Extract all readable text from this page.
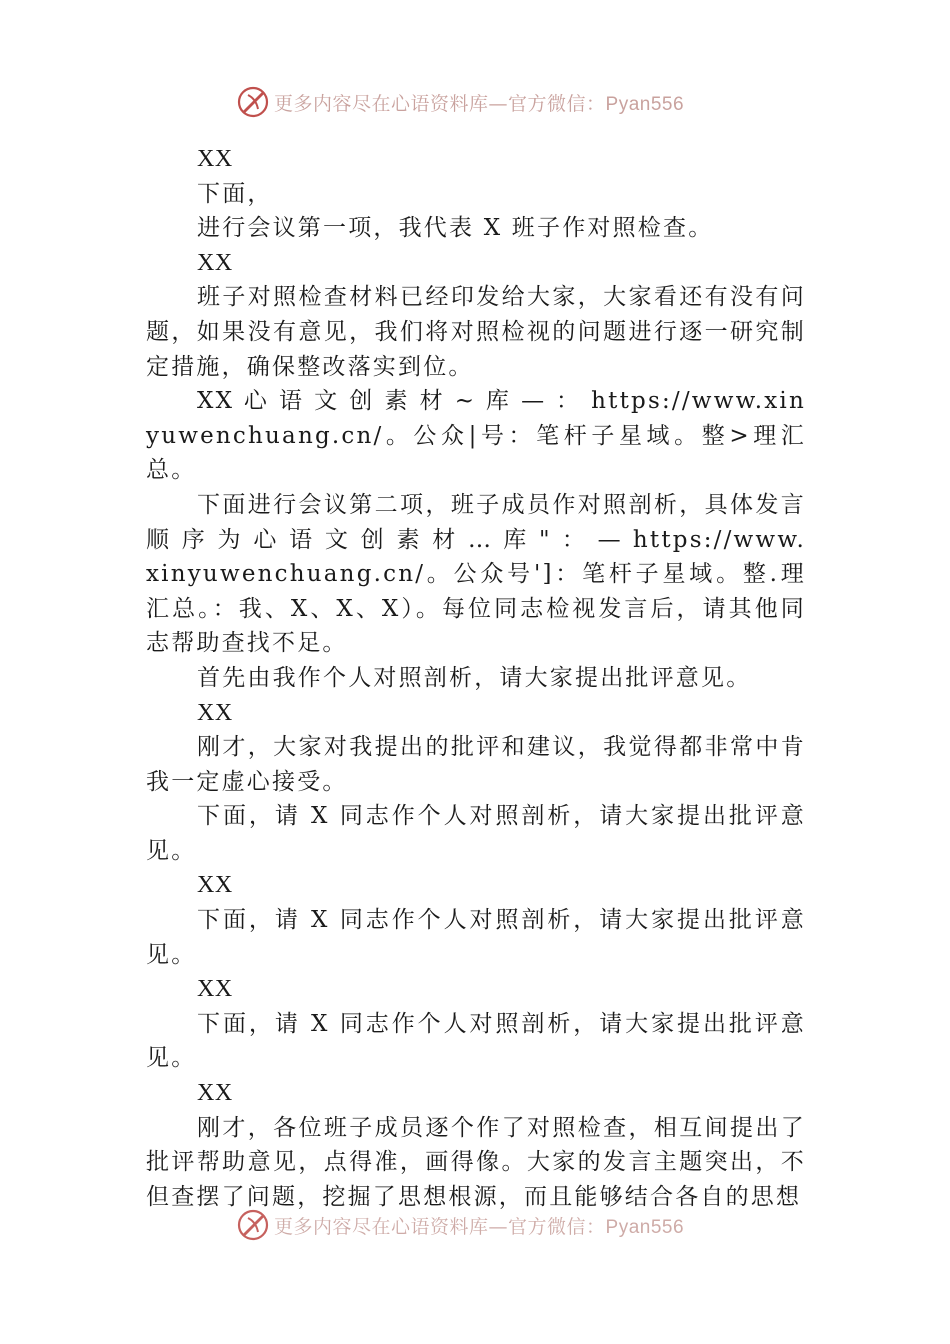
更多内容尽在心语资料库—官方微信：Pyan556

XX

下面，

进行会议第一项，我代表 X 班子作对照检查。

XX

班子对照检查材料已经印发给大家，大家看还有没有问题，如果没有意见，我们将对照检视的问题进行逐一研究制定措施，确保整改落实到位。

XX 心 语 文 创 素 材 ~ 库 — ： https://www.xinyuwenchuang.cn/。公众|号：笔杆子星域。整>理汇总。

下面进行会议第二项，班子成员作对照剖析，具体发言顺 序 为 心 语 文 创 素 材 … 库 " ： — https://www.xinyuwenchuang.cn/。公众号']：笔杆子星域。整.理汇总。：我、X、X、X）。每位同志检视发言后，请其他同志帮助查找不足。

首先由我作个人对照剖析，请大家提出批评意见。

XX

刚才，大家对我提出的批评和建议，我觉得都非常中肯我一定虚心接受。

下面，请 X 同志作个人对照剖析，请大家提出批评意见。

XX

下面，请 X 同志作个人对照剖析，请大家提出批评意见。

XX

下面，请 X 同志作个人对照剖析，请大家提出批评意见。

XX

刚才，各位班子成员逐个作了对照检查，相互间提出了批评帮助意见，点得准，画得像。大家的发言主题突出，不但查摆了问题，挖掘了思想根源，而且能够结合各自的思想

更多内容尽在心语资料库—官方微信：Pyan556
